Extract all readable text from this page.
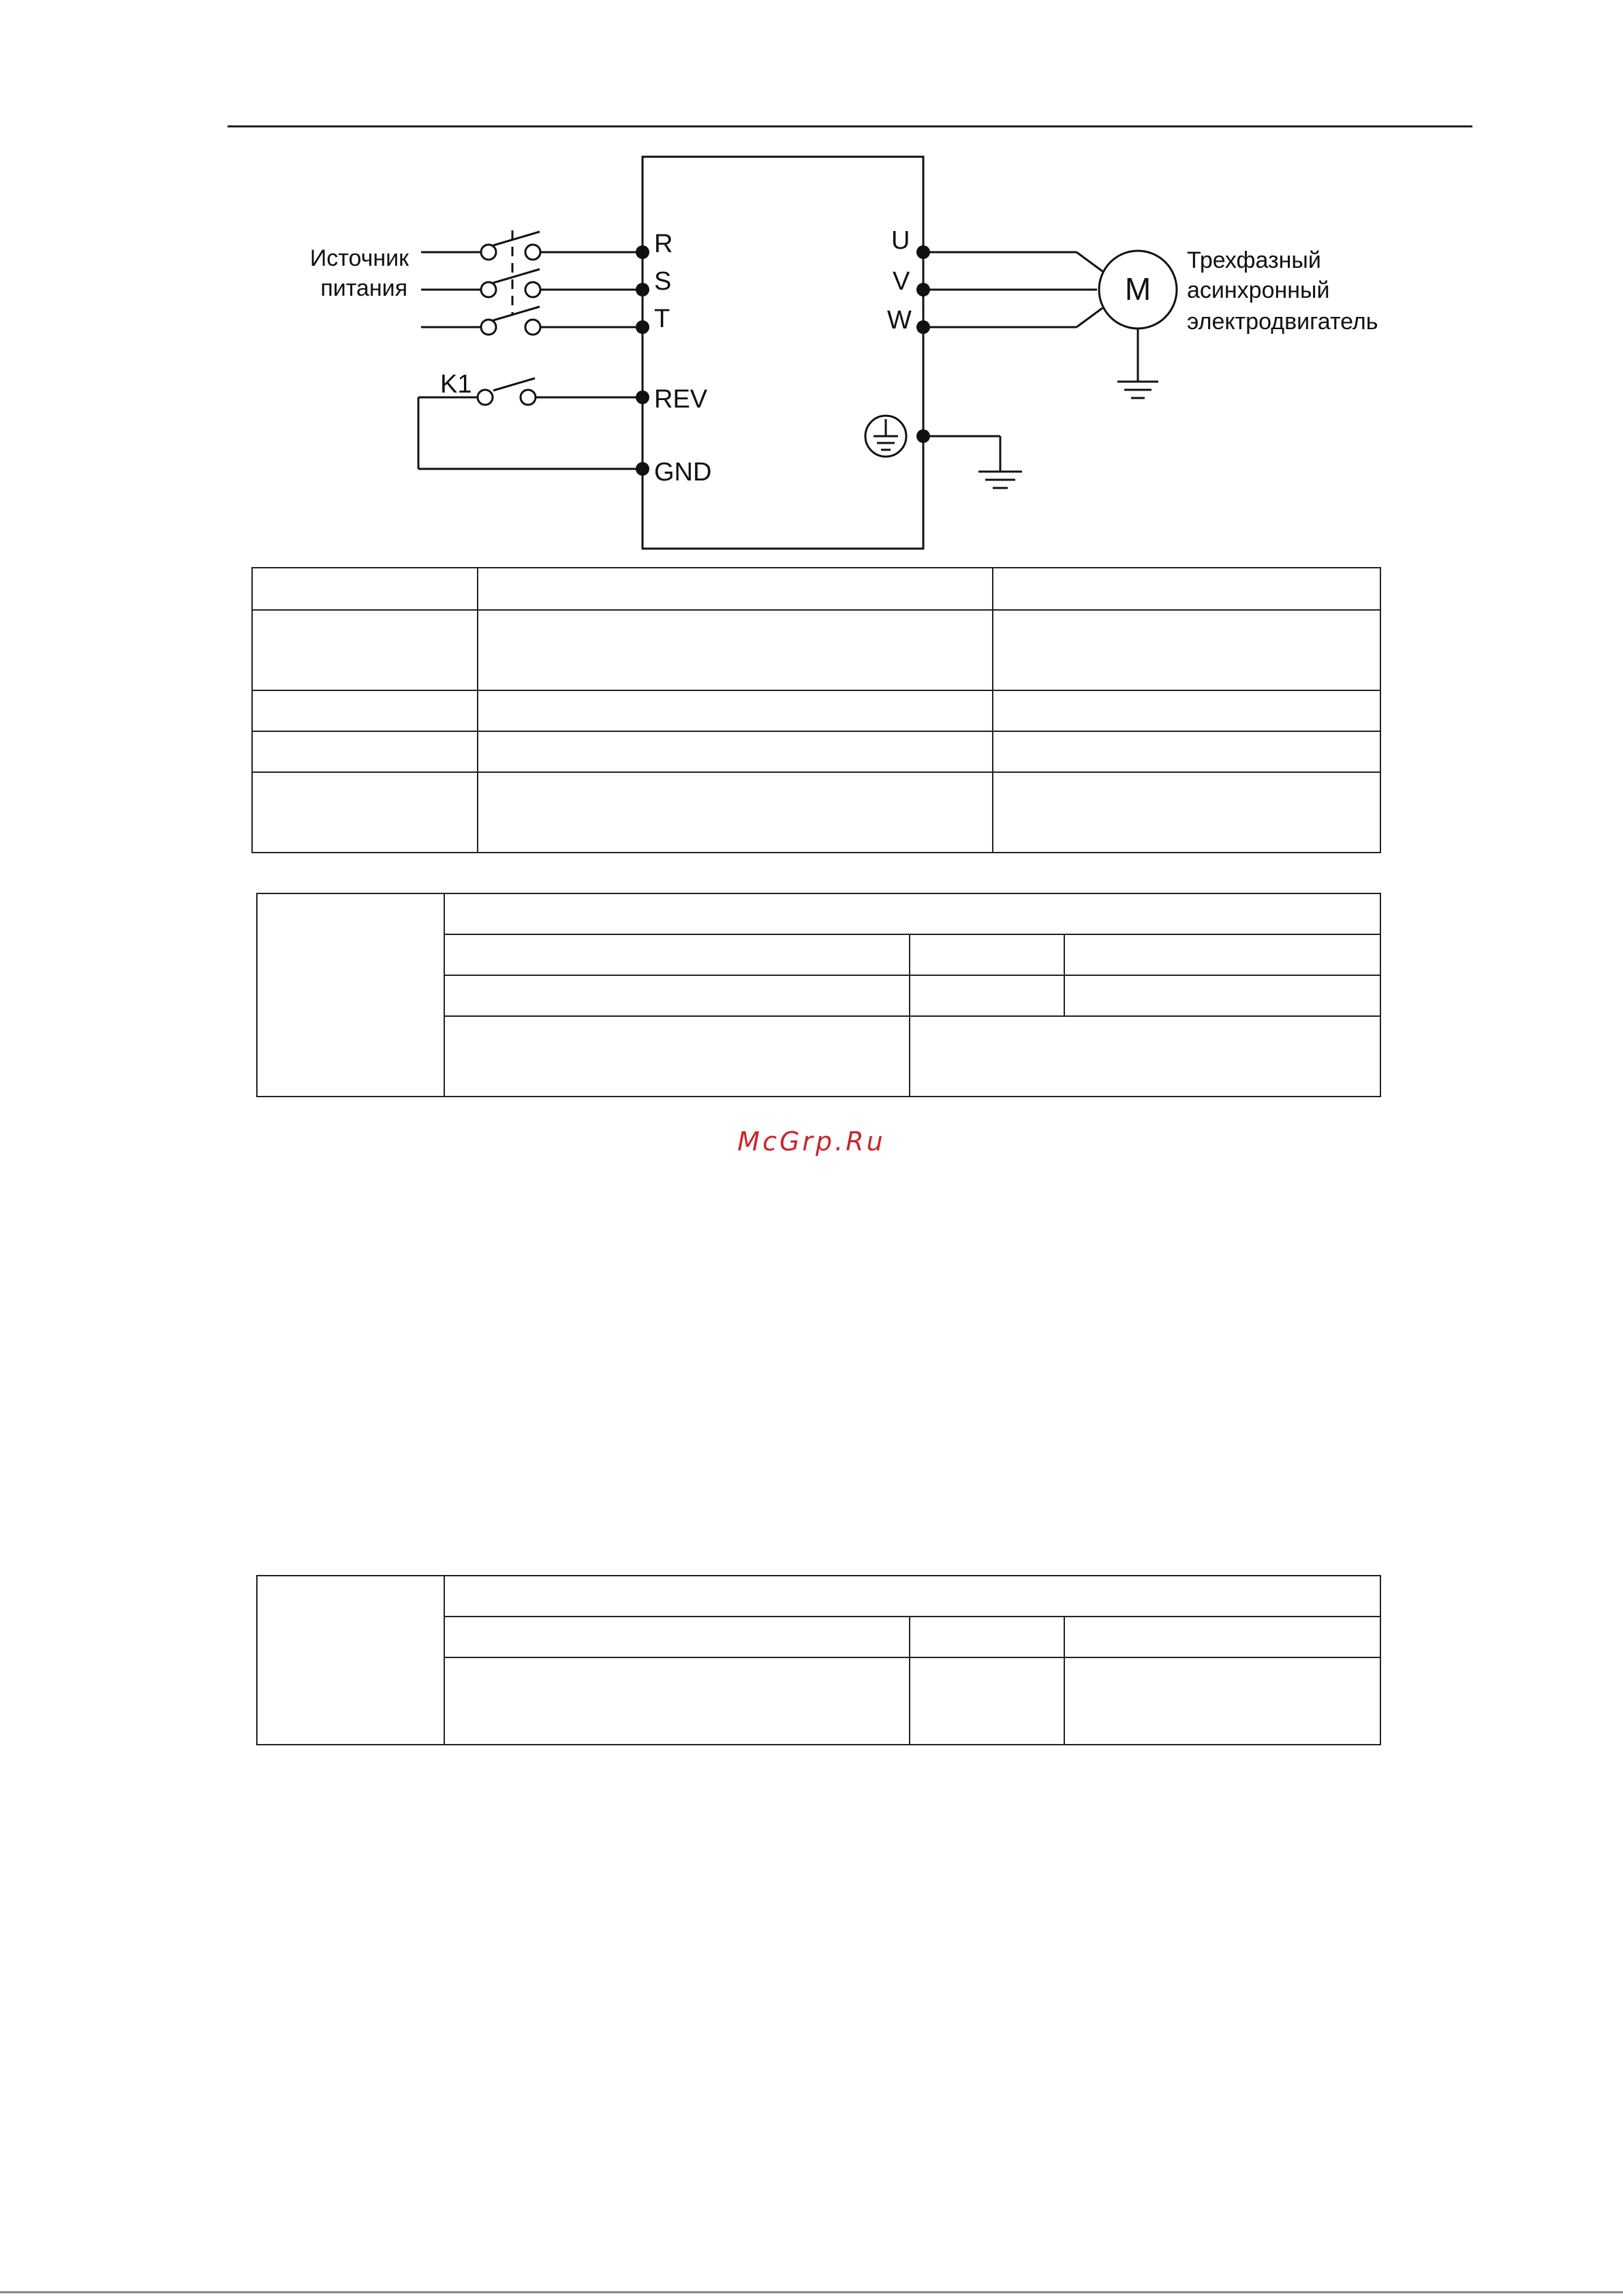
Источник
питания
R
S
T
K1
REV
GND
U
V
W
M
Трехфазный
асинхронный
электродвигатель

McGrp.Ru
